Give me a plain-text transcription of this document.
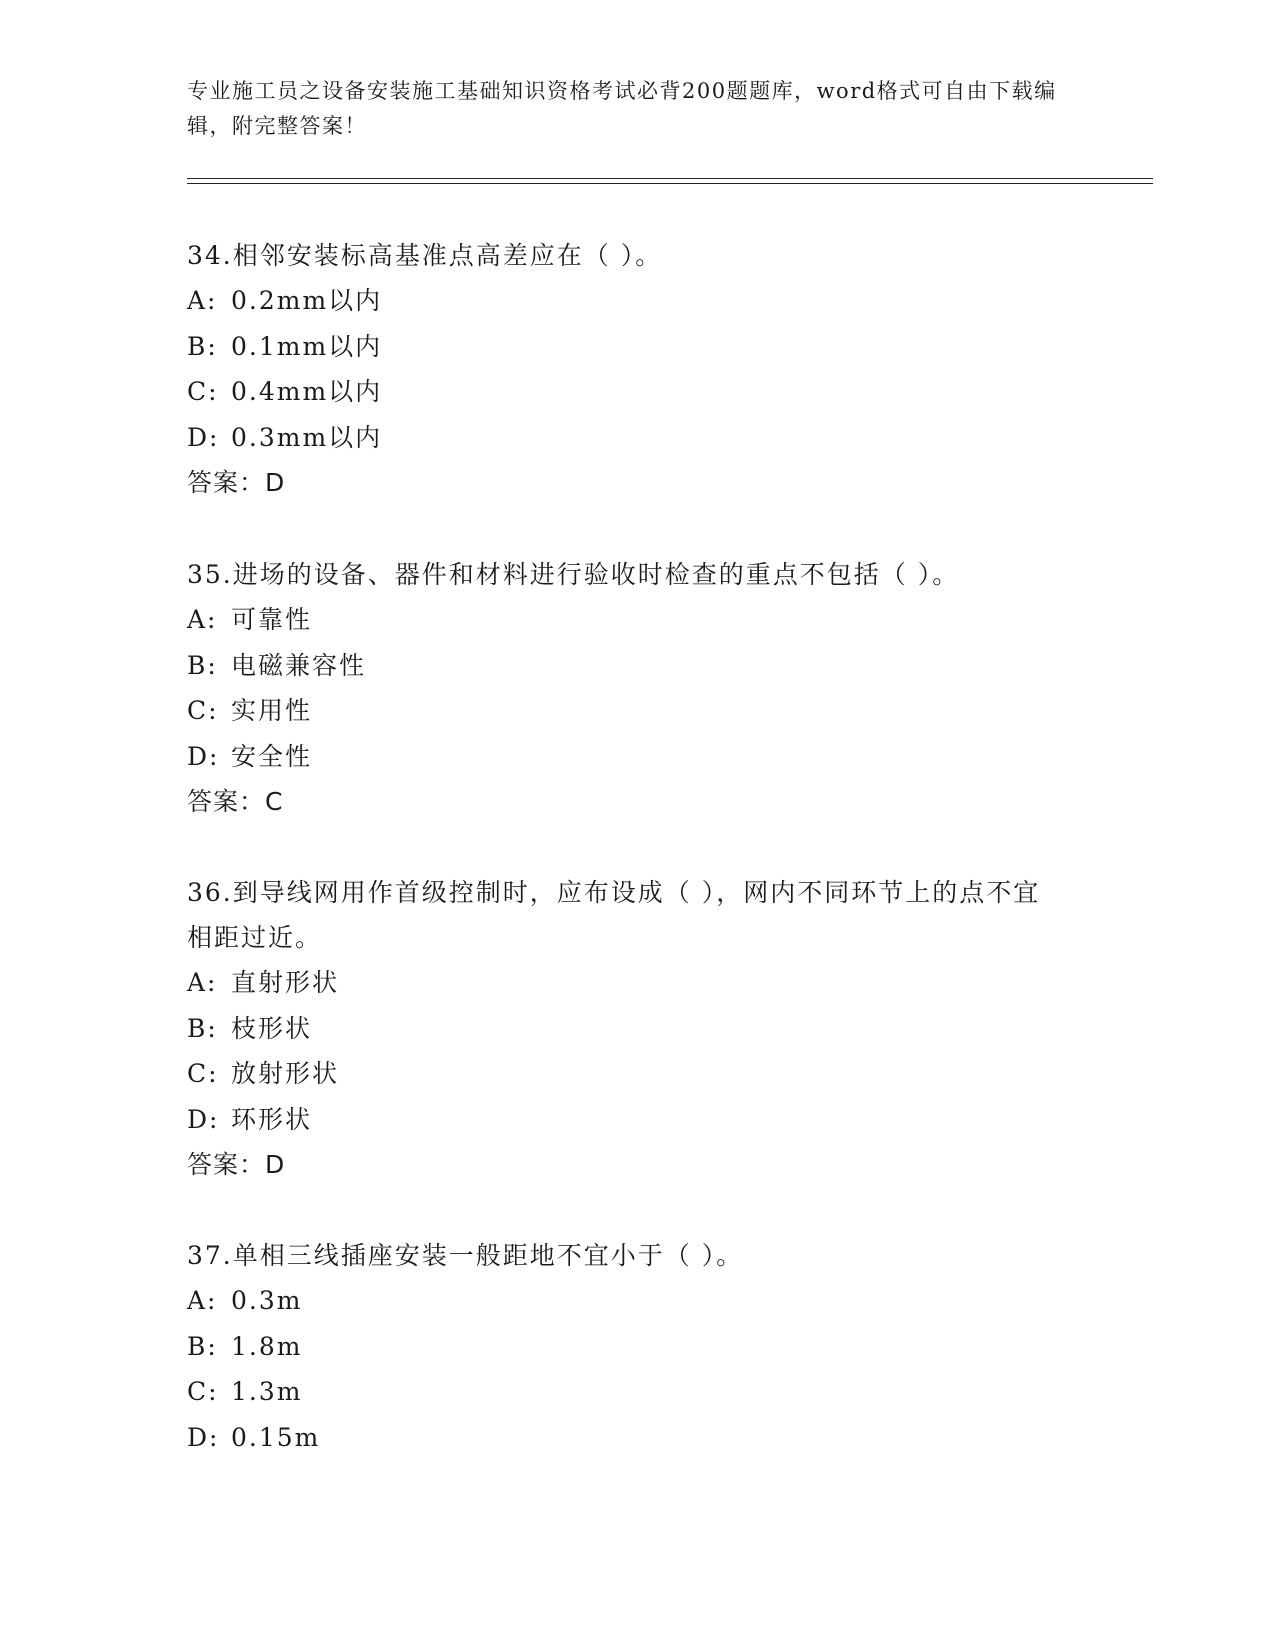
专业施工员之设备安装施工基础知识资格考试必背200题题库，word格式可自由下载编辑，附完整答案！

34.相邻安装标高基准点高差应在（ ）。

A: 0.2mm以内

B: 0.1mm以内

C: 0.4mm以内

D: 0.3mm以内

答案：D

35.进场的设备、器件和材料进行验收时检查的重点不包括（ ）。

A: 可靠性

B: 电磁兼容性

C: 实用性

D: 安全性

答案：C

36.到导线网用作首级控制时，应布设成（ ），网内不同环节上的点不宜相距过近。

A: 直射形状

B: 枝形状

C: 放射形状

D: 环形状

答案：D

37.单相三线插座安装一般距地不宜小于（ ）。

A: 0.3m

B: 1.8m

C: 1.3m

D: 0.15m
